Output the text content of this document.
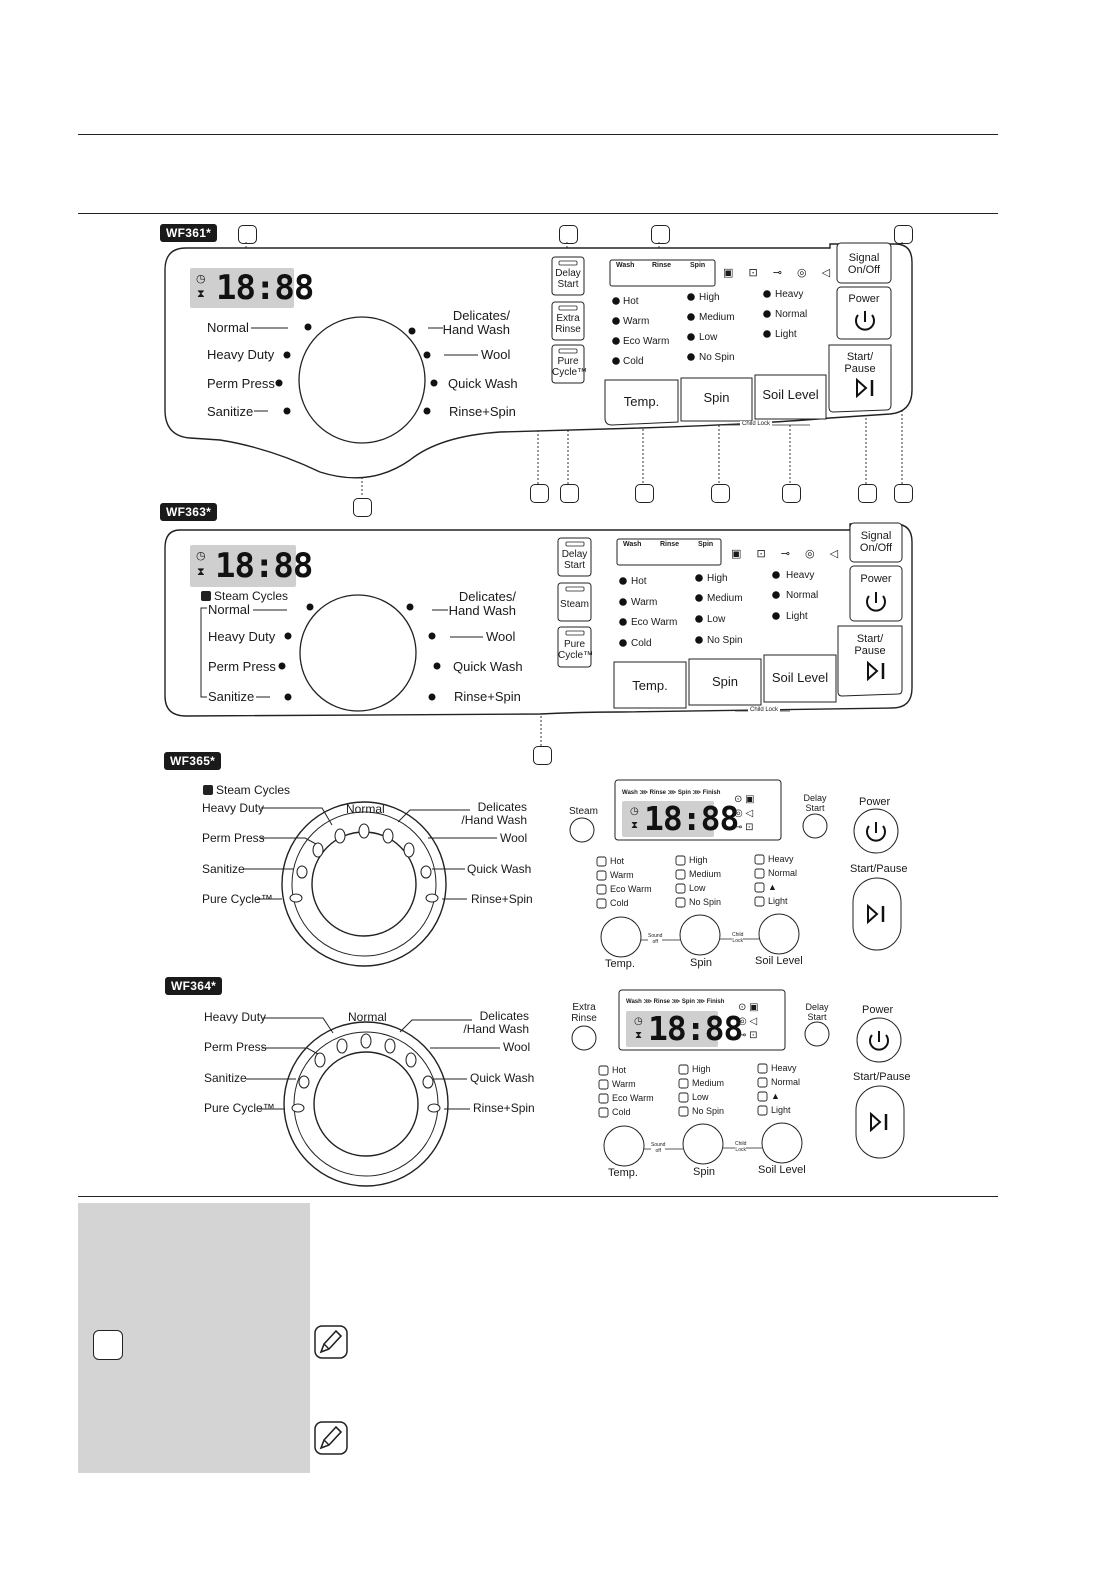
WF361*
WF363*
WF365*
WF364*
18:88
◷
⧗
Normal
Heavy Duty
Perm Press
Sanitize
Delicates/
Hand Wash
Wool
Quick Wash
Rinse+Spin
Delay
Start
Extra
Rinse
Pure
Cycle™
Wash	Rinse	Spin
▣ ⊡ ⊸ ◎ ◁
Hot
Warm
Eco Warm
Cold
High
Medium
Low
No Spin
Heavy
Normal
Light
Temp.	Spin	Soil Level
Child Lock
Signal
On/Off
Power
Start/
Pause
18:88
◷
⧗
Steam Cycles
Normal
Heavy Duty
Perm Press
Sanitize
Delicates/
Hand Wash
Wool
Quick Wash
Rinse+Spin
Delay
Start
Steam
Pure
Cycle™
Wash	Rinse	Spin
▣ ⊡ ⊸ ◎ ◁
Hot
Warm
Eco Warm
Cold
High
Medium
Low
No Spin
Heavy
Normal
Light
Temp.	Spin	Soil Level
Child Lock
Signal
On/Off
Power
Start/
Pause
Steam Cycles
Heavy Duty
Perm Press
Sanitize
Pure Cycle™
Normal	Delicates
/Hand Wash
Wool
Quick Wash
Rinse+Spin
Wash ⋙ Rinse ⋙ Spin ⋙ Finish
18:88
◷
⧗
⊙ ▣
◎ ◁
⊸ ⊡
Steam
Delay
Start	Power
Start/Pause
Hot
Warm
Eco Warm
Cold
High
Medium
Low
No Spin
Heavy
Normal
▲
Light
Temp.	Spin	Soil Level
Sound
off
Child
Lock
Heavy Duty
Perm Press
Sanitize
Pure Cycle™
Normal	Delicates
/Hand Wash
Wool
Quick Wash
Rinse+Spin
Wash ⋙ Rinse ⋙ Spin ⋙ Finish
18:88
◷
⧗
⊙ ▣
◎ ◁
⊸ ⊡
Extra
Rinse
Delay
Start
Power
Start/Pause
Hot
Warm
Eco Warm
Cold
High
Medium
Low
No Spin
Heavy
Normal
▲
Light
Temp.	Spin	Soil Level
Sound
off
Child
Lock
